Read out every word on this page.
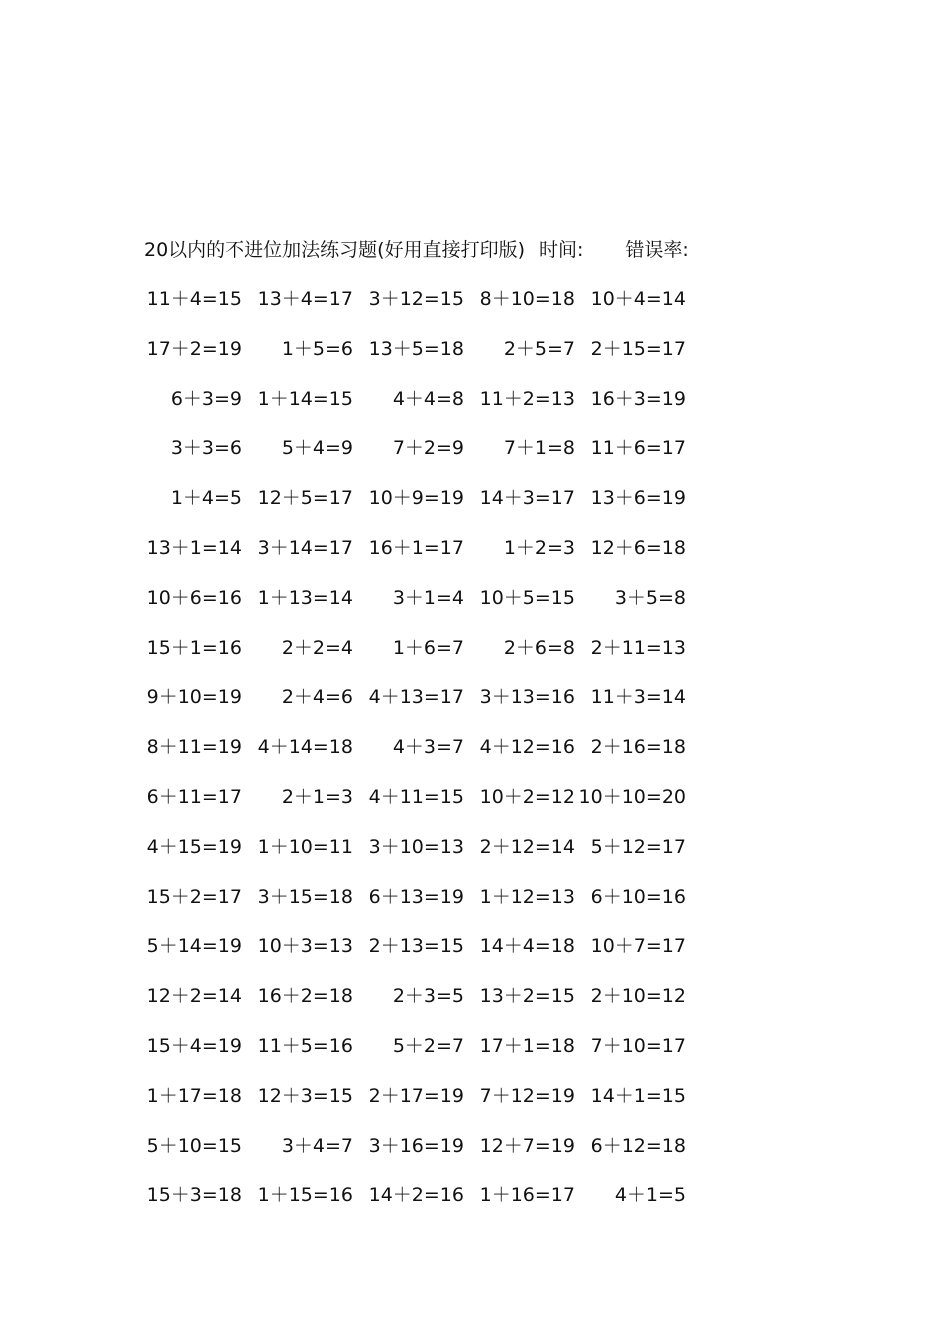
20以内的不进位加法练习题(好用直接打印版) 时间: 错误率:
11＋4=15 13＋4=17 3＋12=15 8＋10=18 10＋4=14
17＋2=19	1＋5=6 13＋5=18	2＋5=7 2＋15=17
6＋3=9 1＋14=15	4＋4=8 11＋2=13 16＋3=19
3＋3=6	5＋4=9	7＋2=9	7＋1=8 11＋6=17
1＋4=5 12＋5=17 10＋9=19 14＋3=17 13＋6=19
13＋1=14 3＋14=17 16＋1=17	1＋2=3 12＋6=18
10＋6=16 1＋13=14	3＋1=4 10＋5=15	3＋5=8
15＋1=16	2＋2=4	1＋6=7	2＋6=8 2＋11=13
9＋10=19	2＋4=6 4＋13=17 3＋13=16 11＋3=14
8＋11=19 4＋14=18	4＋3=7 4＋12=16 2＋16=18
6＋11=17	2＋1=3 4＋11=15 10＋2=12 10＋10=20
4＋15=19 1＋10=11 3＋10=13 2＋12=14 5＋12=17
15＋2=17 3＋15=18 6＋13=19 1＋12=13 6＋10=16
5＋14=19 10＋3=13 2＋13=15 14＋4=18 10＋7=17
12＋2=14 16＋2=18	2＋3=5 13＋2=15 2＋10=12
15＋4=19 11＋5=16	5＋2=7 17＋1=18 7＋10=17
1＋17=18 12＋3=15 2＋17=19 7＋12=19 14＋1=15
5＋10=15	3＋4=7 3＋16=19 12＋7=19 6＋12=18
15＋3=18 1＋15=16 14＋2=16 1＋16=17	4＋1=5
